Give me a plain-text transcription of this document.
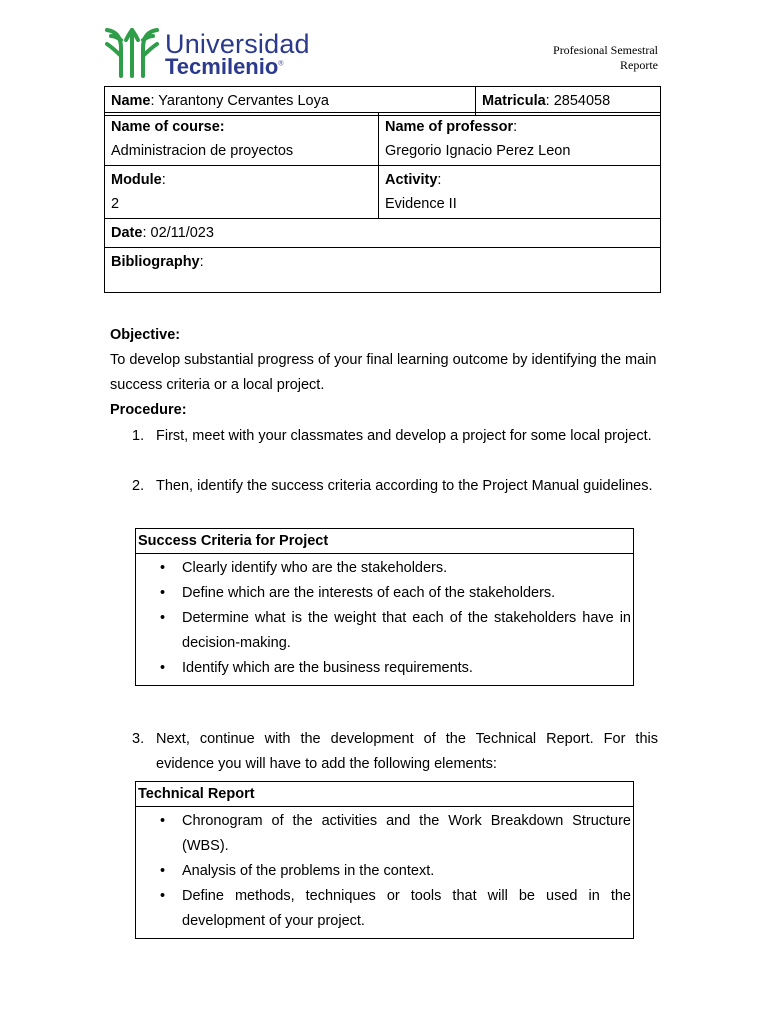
Universidad
Tecmilenio®
Profesional Semestral
Reporte
Name: Yarantony Cervantes Loya	Matricula: 2854058
Name of course:
Administracion de proyectos	Name of professor:
Gregorio Ignacio Perez Leon
Module:
2	Activity:
Evidence II
Date: 02/11/023	
Bibliography:	
Objective:
To develop substantial progress of your final learning outcome by identifying the main success criteria or a local project.
Procedure:
1. First, meet with your classmates and develop a project for some local project.
2. Then, identify the success criteria according to the Project Manual guidelines.
Success Criteria for Project
• Clearly identify who are the stakeholders.
• Define which are the interests of each of the stakeholders.
• Determine what is the weight that each of the stakeholders have in decision-making.
• Identify which are the business requirements.
3. Next, continue with the development of the Technical Report. For this evidence you will have to add the following elements:
Technical Report
• Chronogram of the activities and the Work Breakdown Structure (WBS).
• Analysis of the problems in the context.
• Define methods, techniques or tools that will be used in the development of your project.
